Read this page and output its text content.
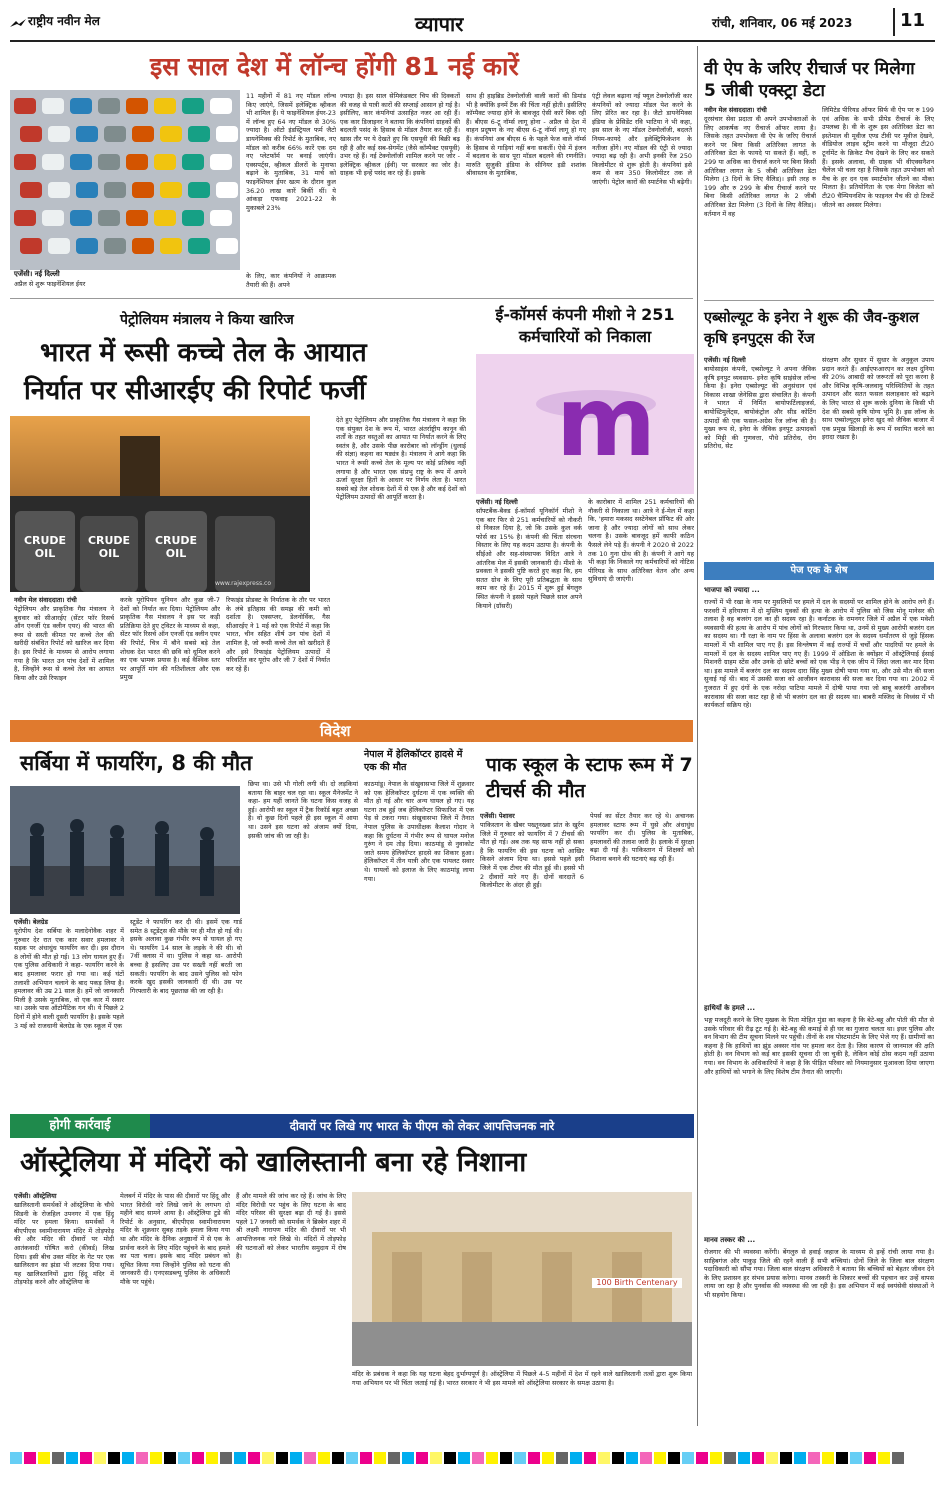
राष्ट्रीय नवीन मेल	व्यापार	रांची, शनिवार, 06 मई 2023	11
इस साल देश में लॉन्च होंगी 81 नई कारें
एजेंसी। नई दिल्ली
अप्रैल से शुरू फाइनेंशियल ईयर
11 महीनों में 81 नए मॉडल लॉन्च किए जाएंगे, जिसमें इलेक्ट्रिक व्हीकल भी शामिल हैं। ये फाइनेंशियल ईयर-23 में लॉन्च हुए 64 नए मॉडल से 30% ज्यादा है। ऑटो इंडस्ट्रियल फर्म जैटो डायनेमिक्स की रिपोर्ट के मुताबिक, नए मॉडल को करीब 66% कारें एक दम नए प्लेटफॉर्म पर बनाई जाएंगी। एक्सपर्ट्स, व्हीकल डीलरों के मुनाफा बढ़ाने के मुताबिक, 31 मार्च को फाइनेंशियल ईयर खत्म के दौरान कुल 36.20 लाख कारें बिकीं थीं। ये आंकड़ा एफवाइ 2021-22 के मुकाबले 23%
के लिए, कार कंपनियों ने आक्रामक तैयारी की हैं। अपने
ज्यादा है। इस साल सेमिकंडक्टर चिप की दिक्कतों की वजह से यात्री कारों की सप्लाई आसान हो गई है। इसीलिए, कार कंपनियां उत्साहित नजर आ रही हैं। एक कार डिजाइनर ने बताया कि कंपनियां ग्राहकों की बदलती पसंद के हिसाब से मॉडल तैयार कर रही हैं। खास तौर पर ये देखते हुए कि एसयूवी की बिक्री बढ़ रही है और कई सब-सेगमेंट (जैसे कॉम्पैक्ट एसयूवी) उभर रहे हैं। नई टेक्नोलॉजी शामिल करने पर जोर - इलेक्ट्रिक व्हीकल (ईवी) पर सरकार का जोर है। ग्राहक भी इन्हें पसंद कर रहे हैं। इसके
साथ ही हाइब्रिड टेक्नोलॉजी वाली कारों की डिमांड भी है क्योंकि इनमें टैंक की चिंता नहीं होती। इसीलिए कॉम्पैक्ट ज्यादा होने के बावजूद ऐसी कारें बिक रही हैं। बीएस 6-टू नॉर्म्स लागू होना - अप्रैल से देश में वाहन प्रदूषण के नए बीएस 6-टू नॉर्म्स लागू हो गए हैं। कंपनियां अब बीएस 6 के पहले फेज वाले नॉर्म्स के हिसाब से गाड़ियां नहीं बना सकतीं। ऐसे में इंजन में बदलाव के साथ पूरा मॉडल बदलने की रणनीति। मारुति सुजुकी इंडिया के सीनियर इडी शशांक श्रीवास्तव के मुताबिक,
एंट्री लेवल बढ़ाना नई फ्यूल टेक्नोलॉजी कार कंपनियों को ज्यादा मॉडल पेश करने के लिए प्रेरित कर रहा है। जैटो डायनेमिक्स इंडिया के प्रेसिडेंट रवि भाटिया ने भी कहा, इस साल के नए मॉडल टेक्नोलॉजी, बदलते नियम-कायदे और इलेक्ट्रिफिकेशन के नतीजा होंगे। नए मॉडल की एंट्री से ज्यादा ज्यादा बढ़ रही है। अभी इनकी रेंज 250 किलोमीटर से शुरू होती है। कंपनियां इसे कम से कम 350 किलोमीटर तक ले जाएंगी। पेट्रोल कारों की स्पार्टनेस भी बढ़ेगी।
वी ऐप के जरिए रीचार्ज पर मिलेगा 5 जीबी एक्स्ट्रा डेटा
नवीन मेल संवाददाता। रांची
दूरसंचार सेवा प्रदाता वी अपने उपभोक्ताओं के लिए आकर्षक नए रीचार्ज ऑफर लाया है। जिसके तहत उपभोक्ता वी ऐप के जरिए रीचार्ज करने पर बिना किसी अतिरिक्त लागत के अतिरिक्त डेटा के फायदे पा सकते हैं। वहीं, रु 299 या अधिक का रीचार्ज करने पर बिना किसी अतिरिक्त लागत के 5 जीबी अतिरिक्त डेटा मिलेगा (3 दिनों के लिए वैलिड)। इसी तरह रु 199 और रु 299 के बीच रीचार्ज करने पर बिना किसी अतिरिक्त लागत के 2 जीबी अतिरिक्त डेटा मिलेगा (3 दिनों के लिए वैलिड)। वर्तमान में वह
लिमिटेड पीरियड ऑफर सिर्फ वी ऐप पर रु 199 एवं अधिक के सभी प्रीपेड रीचार्ज के लिए उपलब्ध है। वी के शुरू इस अतिरिक्त डेटा का इस्तेमाल वी मूवीज एण्ड टीवी पर मूवीज देखने, वीडियोज लाइव स्ट्रीम करने या मौजूदा टी20 टूर्नामेंट के क्रिकेट मैच देखने के लिए कर सकते हैं। इसके अलावा, वी ग्राहक भी वीएक्सनैशन चैलेंज भी चला रहा है जिसके तहत उपभोक्ता को मैच के हर दन एक स्मार्टफोन जीतने का मौका मिलता है। प्रतियोगिता के एक मेगा विजेता को टी20 चैम्पियनशिप के फाइनल मैच की दो टिकटें जीतने का अवसर मिलेगा।
एब्सोल्यूट के इनेरा ने शुरू की जैव-कुशल कृषि इनपुट्स की रेंज
एजेंसी। नई दिल्ली
बायोसाइंस कंपनी, एब्सोल्यूट ने अपना जैविक कृषि इनपुट व्यवसाय- इनेरा कृषि साइंसेज लॉन्च किया है। इनेरा एब्सोल्यूट की अनुसंधान एवं विकास शाखा जेनेसिस द्वारा संचालित है। कंपनी ने भारत में निर्मित बायोफर्टिलाइजर्स, बायोस्टिमुलेंट्स, बायोकंट्रोल और सीड कोटिंग उत्पादों की एक फसल-अग्रेस रेंज लॉन्च की है। मुख्य रूप से, इनेरा के जैविक इनपुट उत्पादकों को मिट्टी की गुणवत्ता, पौधे प्रतिरोध, रोग प्रतिरोध, सेट
संरक्षण और सुधार में सुधार के अनुकूल उपाय प्रदान करते हैं। आईएफआरएन का लक्ष्य दुनिया की 20% आबादी को जरूरतों को पूरा करना है और विभिन्न कृषि-जलवायु परिस्थितियों के तहत उत्पादन और सतत फसल सलाहकार को बढ़ाने के लिए भारत से शुरू करके दुनिया के किसी भी देश की सबसे कृषि योग्य भूमि है। इस लॉन्च के साथ एब्सोल्यूट्स इनेरा खुद को जैविक बाजार में एक प्रमुख खिलाड़ी के रूप में स्थापित करने का इरादा रखता है।
पेज एक के शेष
भाजपा को ज्यादा ...
राज्यों में भी रखा के नाम पर मुसलिमों पर हमले में दल के सदस्यों पर शामिल होने के आरोप लगे हैं। फरवरी में हरियाणा में दो मुस्लिम युवकों की हत्या के आरोप में पुलिस को जिस मोनू मानेसर की तलाश है वह बजरंग दल का ही सदस्य रहा है। कर्नाटक के रामनगर जिले में अप्रैल में एक मवेशी व्यवसायी की हत्या के आरोप में पांच लोगों को गिरफ्तार किया था, उनमें से मुख्य आरोपी बजरंग दल का सदस्य था। गौ रक्षा के नाम पर हिंसा के अलावा बजरंग दल के सदस्य धर्मांतरण से जुड़े हिंसक मामलों में भी शामिल पाए गए हैं। इस विश्लेषण में कई राज्यों में चर्चों और पादरियों पर हमले के मामलों में दल के सदस्य शामिल पाए गए हैं। 1999 में ओडिशा के क्योंझर में ऑस्ट्रेलियाई ईसाई मिशनरी ग्राहम स्टेंस और उनके दो छोटे बच्चों को एक भीड़ ने एक जीप में जिंदा जला कर मार दिया था। इस मामले में बजरंग दल का सदस्य दारा सिंह मुख्य दोषी पाया गया था, और उसे मौत की सजा सुनाई गई थी। बाद में उसकी सजा को आजीवन कारावास की सजा कर दिया गया था। 2002 में गुजरात में हुए दंगों के एक नरोदा पाटिया मामले में दोषी पाया गया जो बाबू बजरंगी आजीवन कारावास की सजा काट रहा है वो भी बजरंग दल का ही सदस्य था। बाबरी मस्जिद के विध्वंस में भी कार्यकर्ता सक्रिय रहे।
हाथियों के हमले ...
भङ्ग मजदूरी करने के लिए मुखक के पिता मोहित मुंडा का कहना है कि बेटे-बहू और पोती की मौत से उसके परिवार की रीढ़ टूट गई है। बेटे-बहू की कमाई से ही घर का गुजारा चलता था। इधर पुलिस और वन विभाग की टीम सूचना मिलने पर पहुंची। तीनों के शव पोस्टमार्टम के लिए भेजे गए हैं। ग्रामीणों का कहना है कि हाथियों का झुंड अक्सर गांव पर हमला कर देता है। जिस कारण से जानमाल की क्षति होती है। वन विभाग को कई बार इसकी सूचना दी जा चुकी है, लेकिन कोई ठोस कदम नहीं उठाया गया। वन विभाग के अधिकारियों ने कहा है कि पीड़ित परिवार को नियमानुसार मुआवजा दिया जाएगा और हाथियों को भगाने के लिए विशेष टीम तैनात की जाएगी।
मानव तस्कर की ...
रोजगार की भी व्यवस्था करेंगी। बेंगलुरु से हवाई जहाज के माध्यम से इन्हें रांची लाया गया है। साहिबगंज और पाकुड़ जिले की रहने वाली हैं सभी बच्चियां। दोनों जिले के जिला बाल संरक्षण पदाधिकारी को सौंपा गया। जिला बाल संरक्षण अधिकारी ने बताया कि बच्चियों को बेहतर जीवन देने के लिए प्रशासन हर संभव प्रयास करेगा। मानव तस्करी के शिकार बच्चों की पहचान कर उन्हें वापस लाया जा रहा है और पुनर्वास की व्यवस्था की जा रही है। इस अभियान में कई स्वयंसेवी संस्थाओं ने भी सहयोग किया।
पेट्रोलियम मंत्रालय ने किया खारिज
भारत में रूसी कच्चे तेल के आयात
निर्यात पर सीआरईए की रिपोर्ट फर्जी
CRUDE OIL
CRUDE OIL
CRUDE OIL
www.rajexpress.co
नवीन मेल संवाददाता। रांची
पेट्रोलियम और प्राकृतिक गैस मंत्रालय ने बुधवार को सीआरईए (सेंटर फॉर रिसर्च ऑन एनर्जी एंड क्लीन एयर) की भारत की रूस से सस्ती कीमत पर कच्चे तेल की खरीदी संबंधित रिपोर्ट को खारिज कर दिया है। इस रिपोर्ट के माध्यम से आरोप लगाया गया है कि भारत उन पांच देशों में शामिल है, जिन्होंने रूस से कच्चे तेल का आयात किया और उसे रिफाइन
करके यूरोपियन यूनियन और कुछ जी-7 देशों को निर्यात कर दिया। पेट्रोलियम और प्राकृतिक गैस मंत्रालय ने इस पर कड़ी प्रतिक्रिया देते हुए ट्विटर के माध्यम से कहा, सेंटर फॉर रिसर्च ऑन एनर्जी एंड क्लीन एयर की रिपोर्ट, चित्र में बौने सबसे बड़े तेल शोधक देश भारत की छवि को धूमिल करने का एक भ्रामक प्रयास है। कई वैश्विक स्तर पर आपूर्ति मांग की गतिशीलता और एक प्रमुख
रिफाइंड प्रोडक्ट के निर्यातक के तौर पर भारत के लंबे इतिहास की समझ की कमी को दर्शाता है। एक्सप्लर, डेलनोर्विक, गैस सीआरईए ने 1 मई को एक रिपोर्ट में कहा कि भारत, चीन सहित शीर्ष उन पांच देशों में शामिल है, जो रूसी कच्चे तेल को खरीदते हैं और इसे रिफाइंड पेट्रोलियम उत्पादों में परिवर्तित कर यूरोप और जी 7 देशों में निर्यात कर रहे हैं।
देते हुए पेट्रोलियम और प्राकृतिक गैस मंत्रालय ने कहा कि एक संयुक्त देश के रूप में, भारत अंतर्राष्ट्रीय कानून की शर्तों के तहत वस्तुओं का आयात या निर्यात करने के लिए स्वतंत्र है, और उसके पीछ कारोबार को लॉन्ड्रींग (धुलाई की संज्ञा) कहना का षड्यंत्र है। मंत्रालय ने आगे कहा कि भारत ने रूसी कच्चे तेल के मूल्य पर कोई प्रतिबंध नहीं लगाया है और भारत एक संप्रभु राष्ट्र के रूप में अपने ऊर्जा सुरक्षा हितों के आधार पर निर्णय लेता है। भारत सबसे बड़े तेल शोधक देशों में से एक है और कई देशों को पेट्रोलियम उत्पादों की आपूर्ति करता है।
ई-कॉमर्स कंपनी मीशो ने 251 कर्मचारियों को निकाला
m
एजेंसी। नई दिल्ली
सॉफ्टबैंक-बैक्ड ई-कॉमर्स यूनिकॉर्न मीशो ने एक बार फिर से 251 कर्मचारियों को नौकरी से निकाल दिया है, जो कि उसके कुल वर्क फोर्स का 15% है। कंपनी की चिंता संरचना विस्तार के लिए यह कदम उठाया है। कंपनी के सीईओ और सह-संस्थापक विदित आत्रे ने आंतरिक मेल में इसकी जानकारी दी। मीशो के प्रवक्ता ने इसकी पुष्टि करते हुए कहा कि, हम सतत ग्रोथ के लिए पूरी प्रतिबद्धता के साथ काम कर रहे हैं। 2015 में शुरू हुई बेंगलुरु स्थित कंपनी ने इससे पहले पिछले साल अपने कियाने (ग्रॉसरी)
के कारोबार में शामिल 251 कर्मचारियों की नौकरी से निकाला था। आत्रे ने ई-मेल में कहा कि, 'हमारा मकसद सस्टेनेबल प्रॉफिट की ओर जाना है और ज्यादा लोगों को साथ लेकर चलना है। उसके बावजूद हमें काफी कठिन फैसले लेने पड़े हैं। कंपनी ने 2020 से 2022 तक 10 गुना ग्रोथ की है। कंपनी ने आगे यह भी कहा कि निकाले गए कर्मचारियों को नोटिस पीरियड के साथ अतिरिक्त वेतन और अन्य सुविधाएं दी जाएंगी।
विदेश
सर्बिया में फायरिंग, 8 की मौत
एजेंसी। बेलग्रेड
यूरोपीय देश सर्बिया के मलादेनोवैक शहर में गुरुवार देर रात एक कार सवार हमलावर ने सड़क पर अंधाधुंध फायरिंग कर दी। इस दौरान 8 लोगों की मौत हो गई। 13 लोग घायल हुए हैं। एक पुलिस अधिकारी ने कहा- फायरिंग करने के बाद हमलावर फरार हो गया था। कई घंटों तलाशी अभियान चलाने के बाद पकड़ लिया है। हमलावर की उम्र 21 साल है। हमें जो जानकारी मिली है उसके मुताबिक, वो एक कार में सवार था। उसके पास ऑटोमैटिक गन थी। ये पिछले 2 दिनों में होने वाली दूसरी फायरिंग है। इसके पहले 3 मई को राजधानी बेलग्रेड के एक स्कूल में एक
स्टूडेंट ने फायरिंग कर दी थी। इसमें एक गार्ड समेत 8 स्टूडेंट्स की मौके पर ही मौत हो गई थी। इसके अलावा कुछ गंभीर रूप से घायल हो गए थे। फायरिंग 14 साल के लड़के ने की थी। वो 7वीं क्लास में था। पुलिस ने कहा था- आरोपी बच्चा है इसलिए उस पर सख्ती नहीं बरती जा सकती। फायरिंग के बाद उसने पुलिस को फोन करके खुद इसकी जानकारी दी थी। उस पर गिरफ्तारी के बाद पूछताछ की जा रही है।
छिपा था। उसे भी गोली लगी थी। दो लड़कियां बताया कि बाहर चल रहा था। स्कूल मैनेजमेंट ने कहा- हम यहीं जानते कि घटना किस वजह से हुई। आरोपी का स्कूल में ट्रैक रिकॉर्ड बहुत अच्छा है। वो कुछ दिनों पहले ही इस स्कूल में आया था। उसने इस घटना को अंजाम क्यों दिया, इसकी जांच की जा रही है।
नेपाल में हेलिकॉप्टर हादसे में एक की मौत
काठमांडू। नेपाल के संखुवासभा जिले में शुक्रवार को एक हेलिकॉप्टर दुर्घटना में एक व्यक्ति की मौत हो गई और चार अन्य घायल हो गए। यह घटना तब हुई जब हेलिकॉप्टर सिफारिश में एक पेड़ से टकरा गया। संखुवासभा जिले में तैनात नेपाल पुलिस के उपाधीक्षक कैलाश गोदार ने कहा कि दुर्घटना में गंभीर रूप से घायल मनोज गुरुंग ने दम तोड़ दिया। काठमांडू से नुवाकोट जाते समय हेलिकॉप्टर हादसे का शिकार हुआ। हेलिकॉप्टर में तीन यात्री और एक पायलट सवार थे। घायलों को इलाज के लिए काठमांडू लाया गया।
पाक स्कूल के स्टाफ रूम में 7 टीचर्स की मौत
एजेंसी। पेशावर
पाकिस्तान के खैबर पख्तूनख्वा प्रांत के खुर्रम जिले में गुरुवार को फायरिंग में 7 टीचर्स की मौत हो गई। अब तक यह साफ नहीं हो सका है कि फायरिंग की इस घटना को आखिर किसने अंजाम दिया था। इससे पहले इसी जिले में एक टीचर की मौत हुई थी। इससे भी 2 दीवारों मारे गए हैं। दोनों वारदातें 6 किलोमीटर के अंदर ही हुईं।
पेपर्स का सेंटर तैयार कर रहे थे। अचानक हमलावर स्टाफ रूम में घुसे और अंधाधुंध फायरिंग कर दी। पुलिस के मुताबिक, हमलावरों की तलाश जारी है। इलाके में सुरक्षा बढ़ा दी गई है। पाकिस्तान में शिक्षकों को निशाना बनाने की घटनाएं बढ़ रही हैं।
होगी कार्रवाई	दीवारों पर लिखे गए भारत के पीएम को लेकर आपत्तिजनक नारे
ऑस्ट्रेलिया में मंदिरों को खालिस्तानी बना रहे निशाना
एजेंसी। ऑस्ट्रेलिया
खालिस्तानी समर्थकों ने ऑस्ट्रेलिया के चौथे सिडनी के रोजहिल उपनगर में एक हिंदू मंदिर पर हमला किया। समर्थकों ने बीएपीएस स्वामीनारायण मंदिर में तोड़फोड़ की और मंदिर की दीवारों पर मोदी आतंकवादी घोषित करो (कीवर्ड) लिख दिया। इसी बीच उक्त मंदिर के गेट पर एक खालिस्तान का झंडा भी लटका दिया गया। यह खालिस्तानियों द्वारा हिंदू मंदिर में तोड़फोड़ करने और ऑस्ट्रेलिया के
मेलबर्न में मंदिर के पास की दीवारों पर हिंदू और भारत विरोधी नारे लिखे जाने के लगभग दो महीने बाद सामने आया है। ऑस्ट्रेलिया टुडे की रिपोर्ट के अनुसार, बीएपीएस स्वामीनारायण मंदिर के शुक्रवार सुबह तड़के हमला किया गया था और मंदिर के दैनिक अनुष्ठानों में से एक के प्रार्थना करने के लिए मंदिर पहुंचने के बाद हमले का पता चला। इसके बाद मंदिर प्रबंधन को सूचित किया गया जिन्होंने पुलिस को घटना की जानकारी दी। एनएसडब्ल्यू पुलिस के अधिकारी मौके पर पहुंचे।
हैं और मामले की जांच कर रहे हैं। जांच के लिए मंदिर विरोधी पर पहुंच के लिए घटना के बाद मंदिर परिसर की सुरक्षा बढ़ा दी गई है। इससे पहले 17 जनवरी को समर्थक ने ब्रिस्बेन शहर में श्री लक्ष्मी नारायण मंदिर की दीवारों पर भी आपत्तिजनक नारे लिखे थे। मंदिरों में तोड़फोड़ की घटनाओं को लेकर भारतीय समुदाय में रोष है।
मंदिर के प्रबंधक ने कहा कि यह घटना बेहद दुर्भाग्यपूर्ण है। ऑस्ट्रेलिया में पिछले 4-5 महीनों में देश में रहने वाले खालिस्तानी तत्वों द्वारा शुरू किया गया अभियान पर भी चिंता जताई गई है। भारत सरकार ने भी इस मामले को ऑस्ट्रेलिया सरकार के समक्ष उठाया है।
100 Birth Centenary
